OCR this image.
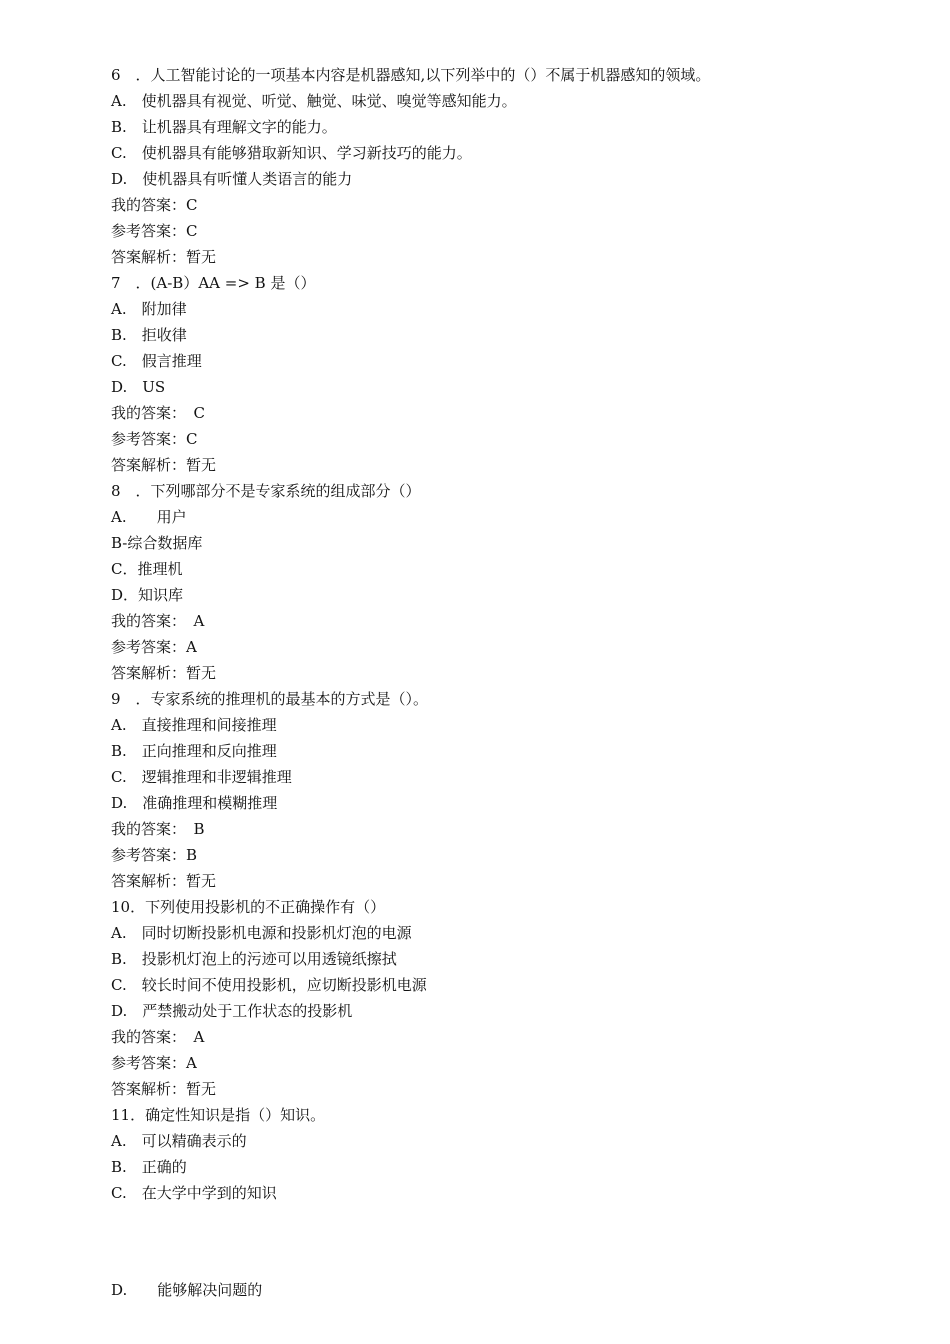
6　．人工智能讨论的一项基本内容是机器感知,以下列举中的（）不属于机器感知的领域。
A.　使机器具有视觉、听觉、触觉、味觉、嗅觉等感知能力。
B.　让机器具有理解文字的能力。
C.　使机器具有能够猎取新知识、学习新技巧的能力。
D.　使机器具有听懂人类语言的能力
我的答案：C
参考答案：C
答案解析：暂无
7　．(A-B）AA => B 是（）
A.　附加律
B.　拒收律
C.　假言推理
D.　US
我的答案：　C
参考答案：C
答案解析：暂无
8　．下列哪部分不是专家系统的组成部分（）
A.　　用户
B-综合数据库
C．推理机
D．知识库
我的答案：　A
参考答案：A
答案解析：暂无
9　．专家系统的推理机的最基本的方式是（）。
A.　直接推理和间接推理
B.　正向推理和反向推理
C.　逻辑推理和非逻辑推理
D.　准确推理和模糊推理
我的答案：　B
参考答案：B
答案解析：暂无
10．下列使用投影机的不正确操作有（）
A.　同时切断投影机电源和投影机灯泡的电源
B.　投影机灯泡上的污迹可以用透镜纸擦拭
C.　较长时间不使用投影机，应切断投影机电源
D.　严禁搬动处于工作状态的投影机
我的答案：　A
参考答案：A
答案解析：暂无
11．确定性知识是指（）知识。
A.　可以精确表示的
B.　正确的
C.　在大学中学到的知识
D.　　能够解决问题的
